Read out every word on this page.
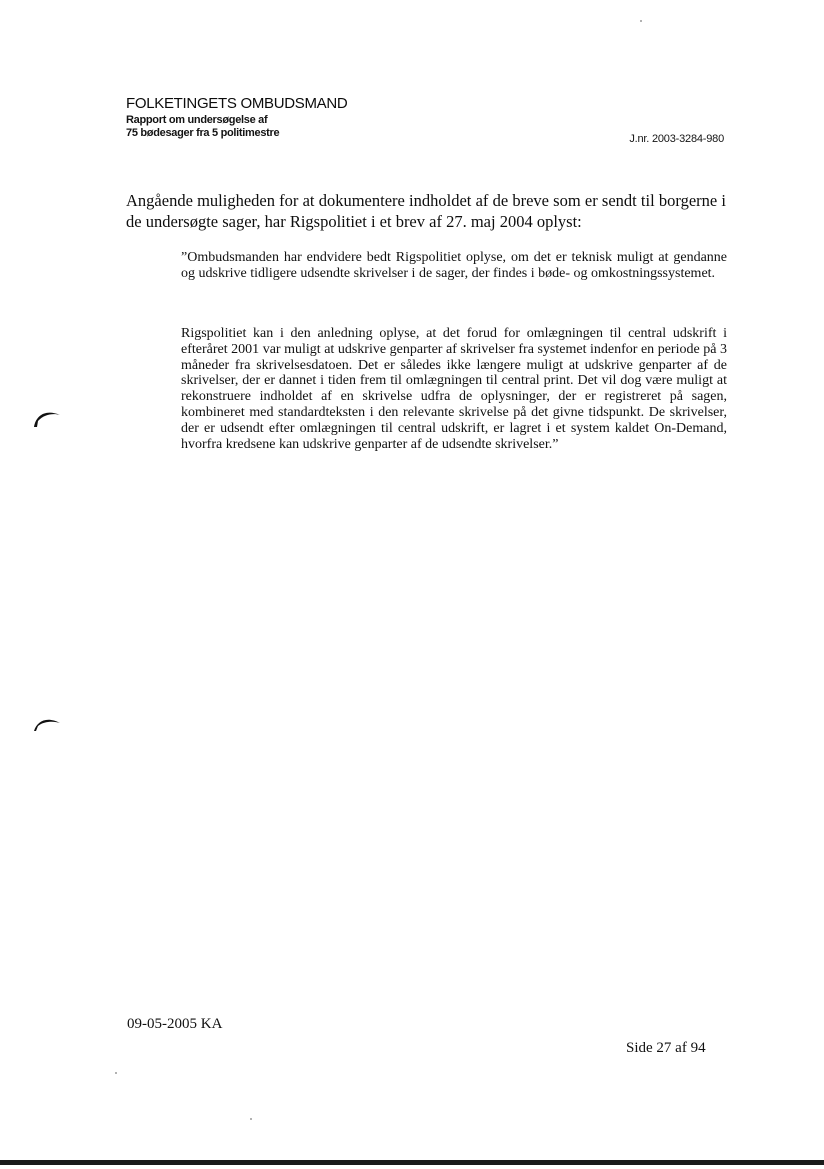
FOLKETINGETS OMBUDSMAND
Rapport om undersøgelse af
75 bødesager fra 5 politimestre	J.nr. 2003-3284-980

Angående muligheden for at dokumentere indholdet af de breve som er sendt til borgerne i de undersøgte sager, har Rigspolitiet i et brev af 27. maj 2004 oplyst:

”Ombudsmanden har endvidere bedt Rigspolitiet oplyse, om det er teknisk muligt at gendanne og udskrive tidligere udsendte skrivelser i de sager, der findes i bøde- og omkostningssystemet.

Rigspolitiet kan i den anledning oplyse, at det forud for omlægningen til central udskrift i efteråret 2001 var muligt at udskrive genparter af skrivelser fra systemet indenfor en periode på 3 måneder fra skrivelsesdatoen. Det er således ikke længere muligt at udskrive genparter af de skrivelser, der er dannet i tiden frem til omlægningen til central print. Det vil dog være muligt at rekonstruere indholdet af en skrivelse udfra de oplysninger, der er registreret på sagen, kombineret med standardteksten i den relevante skrivelse på det givne tidspunkt. De skrivelser, der er udsendt efter omlægningen til central udskrift, er lagret i et system kaldet On-Demand, hvorfra kredsene kan udskrive genparter af de udsendte skrivelser.”

09-05-2005 KA
Side 27 af 94
